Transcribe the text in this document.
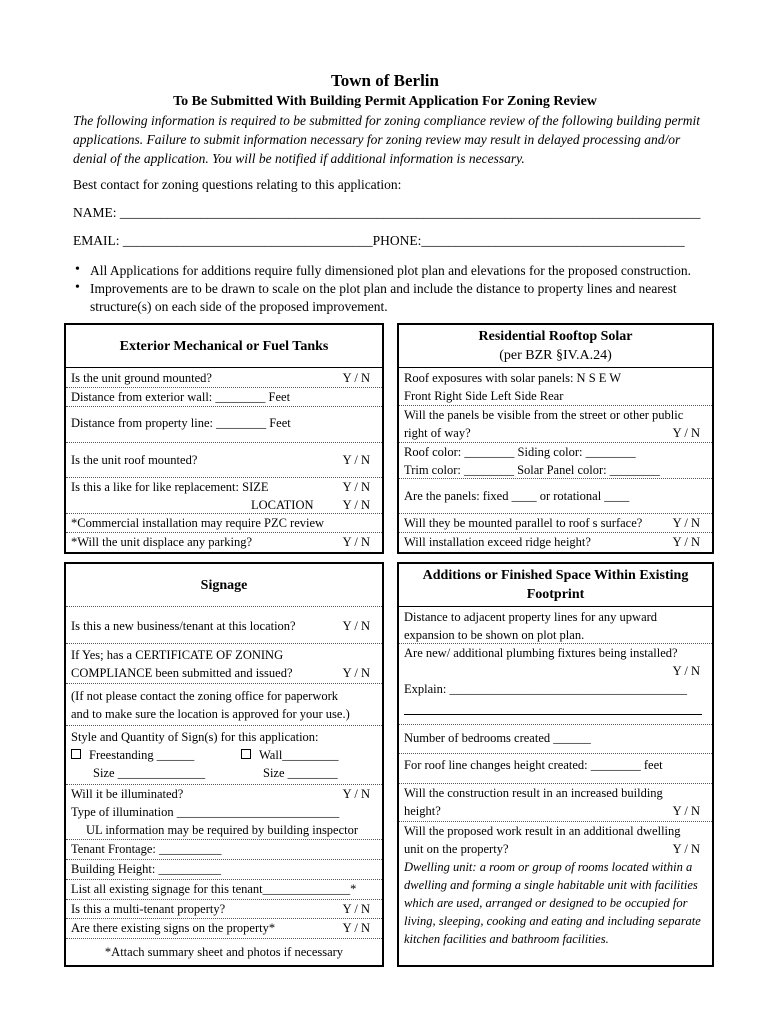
Town of Berlin
To Be Submitted With Building Permit Application For Zoning Review
The following information is required to be submitted for zoning compliance review of the following building permit applications. Failure to submit information necessary for zoning review may result in delayed processing and/or denial of the application. You will be notified if additional information is necessary.
Best contact for zoning questions relating to this application:
NAME: ______________________________________________________________________________________
EMAIL: _____________________________________PHONE:_______________________________________
• All Applications for additions require fully dimensioned plot plan and elevations for the proposed construction.
• Improvements are to be drawn to scale on the plot plan and include the distance to property lines and nearest structure(s) on each side of the proposed improvement.
Exterior Mechanical or Fuel Tanks
Is the unit ground mounted?	Y / N
Distance from exterior wall: ________ Feet
Distance from property line: ________ Feet
Is the unit roof mounted?	Y / N
Is this a like for like replacement: SIZE	Y / N
LOCATION Y / N
*Commercial installation may require PZC review
*Will the unit displace any parking?	Y / N
Residential Rooftop Solar
(per BZR §IV.A.24)
Roof exposures with solar panels: N S E W
Front Right Side Left Side Rear
Will the panels be visible from the street or other public
right of way?	Y / N
Roof color: ________ Siding color: ________
Trim color: ________ Solar Panel color: ________
Are the panels: fixed ____ or rotational ____
Will they be mounted parallel to roof s surface? Y / N
Will installation exceed ridge height?	Y / N
Signage
Is this a new business/tenant at this location?	Y / N
If Yes; has a CERTIFICATE OF ZONING
COMPLIANCE been submitted and issued?	Y / N
(If not please contact the zoning office for paperwork
and to make sure the location is approved for your use.)
Style and Quantity of Sign(s) for this application:
Freestanding ______	Wall_________
Size ______________	Size ________
Will it be illuminated?	Y / N
Type of illumination __________________________
UL information may be required by building inspector
Tenant Frontage: __________
Building Height: __________
List all existing signage for this tenant______________*
Is this a multi-tenant property?	Y / N
Are there existing signs on the property*	Y / N
*Attach summary sheet and photos if necessary
Additions or Finished Space Within Existing
Footprint
Distance to adjacent property lines for any upward
expansion to be shown on plot plan.
Are new/ additional plumbing fixtures being installed?
Y / N
Explain: ______________________________________
Number of bedrooms created ______
For roof line changes height created: ________ feet
Will the construction result in an increased building
height?	Y / N
Will the proposed work result in an additional dwelling
unit on the property?	Y / N
Dwelling unit: a room or group of rooms located within a dwelling and forming a single habitable unit with facilities which are used, arranged or designed to be occupied for living, sleeping, cooking and eating and including separate kitchen facilities and bathroom facilities.
